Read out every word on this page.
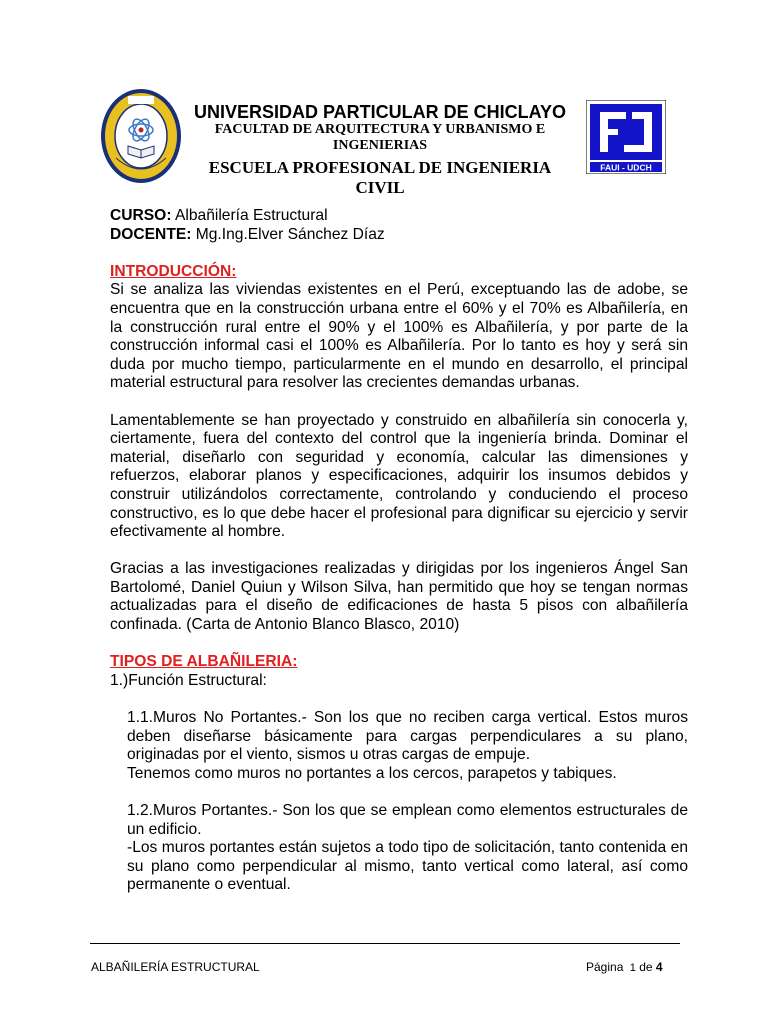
UNIVERSIDAD PARTICULAR DE CHICLAYO
FACULTAD DE ARQUITECTURA Y URBANISMO E INGENIERIAS
ESCUELA PROFESIONAL DE INGENIERIA CIVIL
FAUI - UDCH

CURSO: Albañilería Estructural

DOCENTE: Mg.Ing.Elver Sánchez Díaz

INTRODUCCIÓN:

Si se analiza las viviendas existentes en el Perú, exceptuando las de adobe, se encuentra que en la construcción urbana entre el 60% y el 70% es Albañilería, en la construcción rural entre el 90% y el 100% es Albañilería, y por parte de la construcción informal casi el 100% es Albañilería. Por lo tanto es hoy y será sin duda por mucho tiempo, particularmente en el mundo en desarrollo, el principal material estructural para resolver las crecientes demandas urbanas.

Lamentablemente se han proyectado y construido en albañilería sin conocerla y, ciertamente, fuera del contexto del control que la ingeniería brinda. Dominar el material, diseñarlo con seguridad y economía, calcular las dimensiones y refuerzos, elaborar planos y especificaciones, adquirir los insumos debidos y construir utilizándolos correctamente, controlando y conduciendo el proceso constructivo, es lo que debe hacer el profesional para dignificar su ejercicio y servir efectivamente al hombre.

Gracias a las investigaciones realizadas y dirigidas por los ingenieros Ángel San Bartolomé, Daniel Quiun y Wilson Silva, han permitido que hoy se tengan normas actualizadas para el diseño de edificaciones de hasta 5 pisos con albañilería confinada. (Carta de Antonio Blanco Blasco, 2010)

TIPOS DE ALBAÑILERIA:

1.)Función Estructural:

1.1.Muros No Portantes.- Son los que no reciben carga vertical. Estos muros deben diseñarse básicamente para cargas perpendiculares a su plano, originadas por el viento, sismos u otras cargas de empuje.

Tenemos como muros no portantes a los cercos, parapetos y tabiques.

1.2.Muros Portantes.- Son los que se emplean como elementos estructurales de un edificio.

-Los muros portantes están sujetos a todo tipo de solicitación, tanto contenida en su plano como perpendicular al mismo, tanto vertical como lateral, así como permanente o eventual.

ALBAÑILERÍA ESTRUCTURAL	Página 1 de 4
